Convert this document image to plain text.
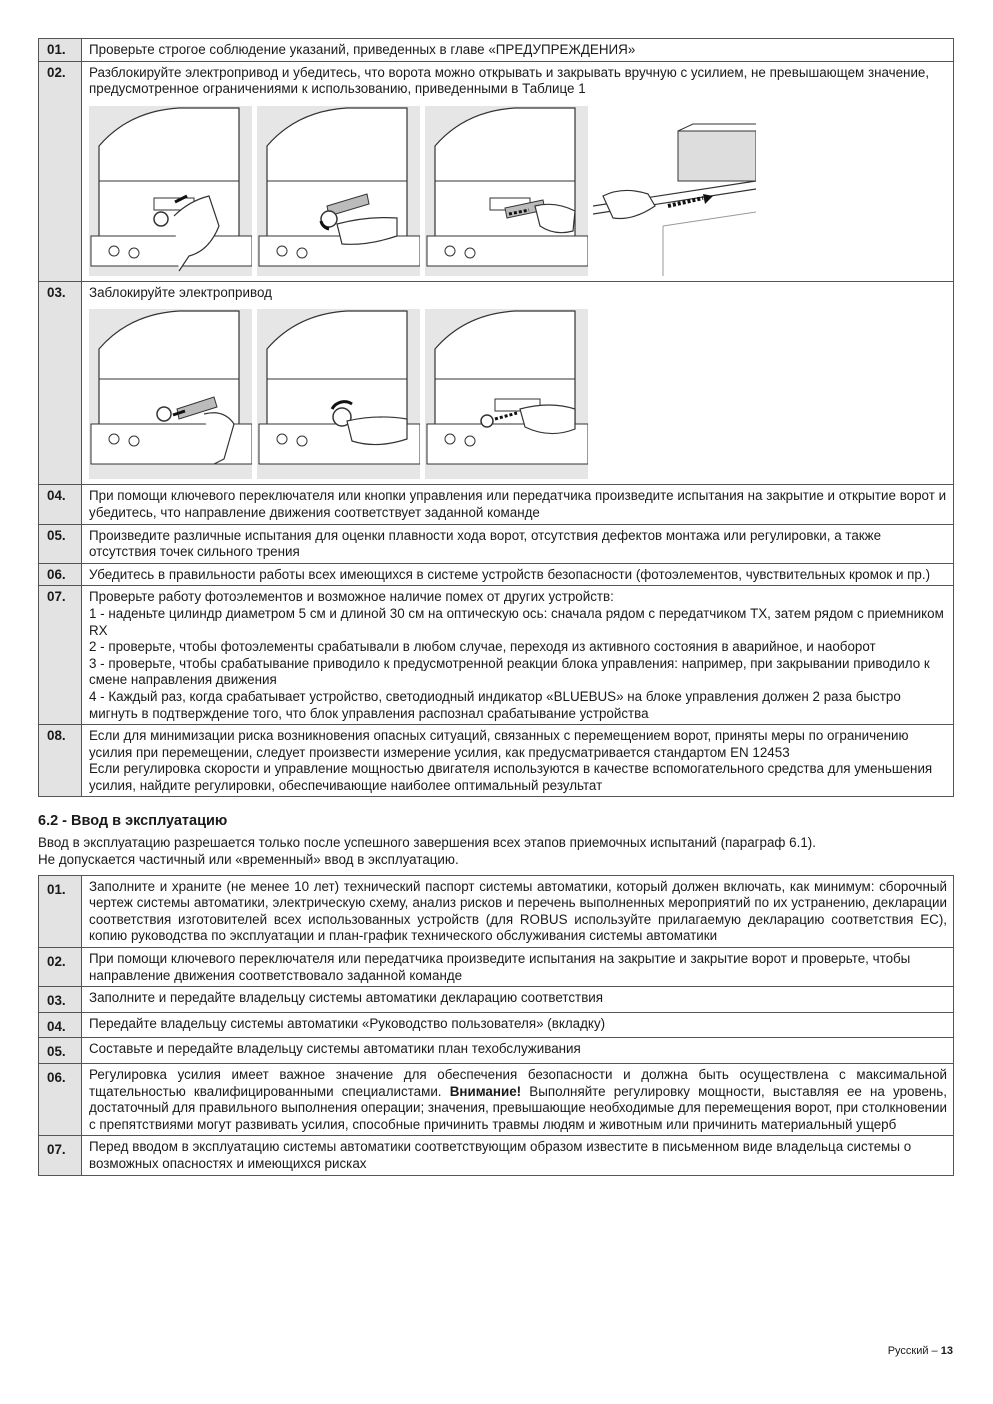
01.	Проверьте строгое соблюдение указаний, приведенных в главе «ПРЕДУПРЕЖДЕНИЯ»
02.	Разблокируйте электропривод и убедитесь, что ворота можно открывать и закрывать вручную с усилием, не превышающем значение, предусмотренное ограничениями к использованию, приведенными в Таблице 1

03.	Заблокируйте электропривод

04.	При помощи ключевого переключателя или кнопки управления или передатчика произведите испытания на закрытие и открытие ворот и убедитесь, что направление движения соответствует заданной команде
05.	Произведите различные испытания для оценки плавности хода ворот, отсутствия дефектов монтажа или регулировки, а также отсутствия точек сильного трения
06.	Убедитесь в правильности работы всех имеющихся в системе устройств безопасности (фотоэлементов, чувствительных кромок и пр.)
07.	Проверьте работу фотоэлементов и возможное наличие помех от других устройств:
1 - наденьте цилиндр диаметром 5 см и длиной 30 см на оптическую ось: сначала рядом с передатчиком TX, затем рядом с приемником RX
2 - проверьте, чтобы фотоэлементы срабатывали в любом случае, переходя из активного состояния в аварийное, и наоборот
3 - проверьте, чтобы срабатывание приводило к предусмотренной реакции блока управления: например, при закрывании приводило к смене направления движения
4 - Каждый раз, когда срабатывает устройство, светодиодный индикатор «BLUEBUS» на блоке управления должен 2 раза быстро мигнуть в подтверждение того, что блок управления распознал срабатывание устройства

08.	Если для минимизации риска возникновения опасных ситуаций, связанных с перемещением ворот, приняты меры по ограничению усилия при перемещении, следует произвести измерение усилия, как предусматривается стандартом EN 12453
Если регулировка скорости и управление мощностью двигателя используются в качестве вспомогательного средства для уменьшения усилия, найдите регулировки, обеспечивающие наиболее оптимальный результат
6.2 - Ввод в эксплуатацию
Ввод в эксплуатацию разрешается только после успешного завершения всех этапов приемочных испытаний (параграф 6.1).
Не допускается частичный или «временный» ввод в эксплуатацию.
01.	Заполните и храните (не менее 10 лет) технический паспорт системы автоматики, который должен включать, как минимум: сборочный чертеж системы автоматики, электрическую схему, анализ рисков и перечень выполненных мероприятий по их устранению, декларации соответствия изготовителей всех использованных устройств (для ROBUS используйте прилагаемую декларацию соответствия ЕС), копию руководства по эксплуатации и план-график технического обслуживания системы автоматики
02.	При помощи ключевого переключателя или передатчика произведите испытания на закрытие и закрытие ворот и проверьте, чтобы направление движения соответствовало заданной команде
03.	Заполните и передайте владельцу системы автоматики декларацию соответствия
04.	Передайте владельцу системы автоматики «Руководство пользователя» (вкладку)
05.	Составьте и передайте владельцу системы автоматики план техобслуживания
06.	Регулировка усилия имеет важное значение для обеспечения безопасности и должна быть осуществлена с максимальной тщательностью квалифицированными специалистами. Внимание! Выполняйте регулировку мощности, выставляя ее на уровень, достаточный для правильного выполнения операции; значения, превышающие необходимые для перемещения ворот, при столкновении с препятствиями могут развивать усилия, способные причинить травмы людям и животным или причинить материальный ущерб
07.	Перед вводом в эксплуатацию системы автоматики соответствующим образом известите в письменном виде владельца системы о возможных опасностях и имеющихся рисках
Русский – 13
